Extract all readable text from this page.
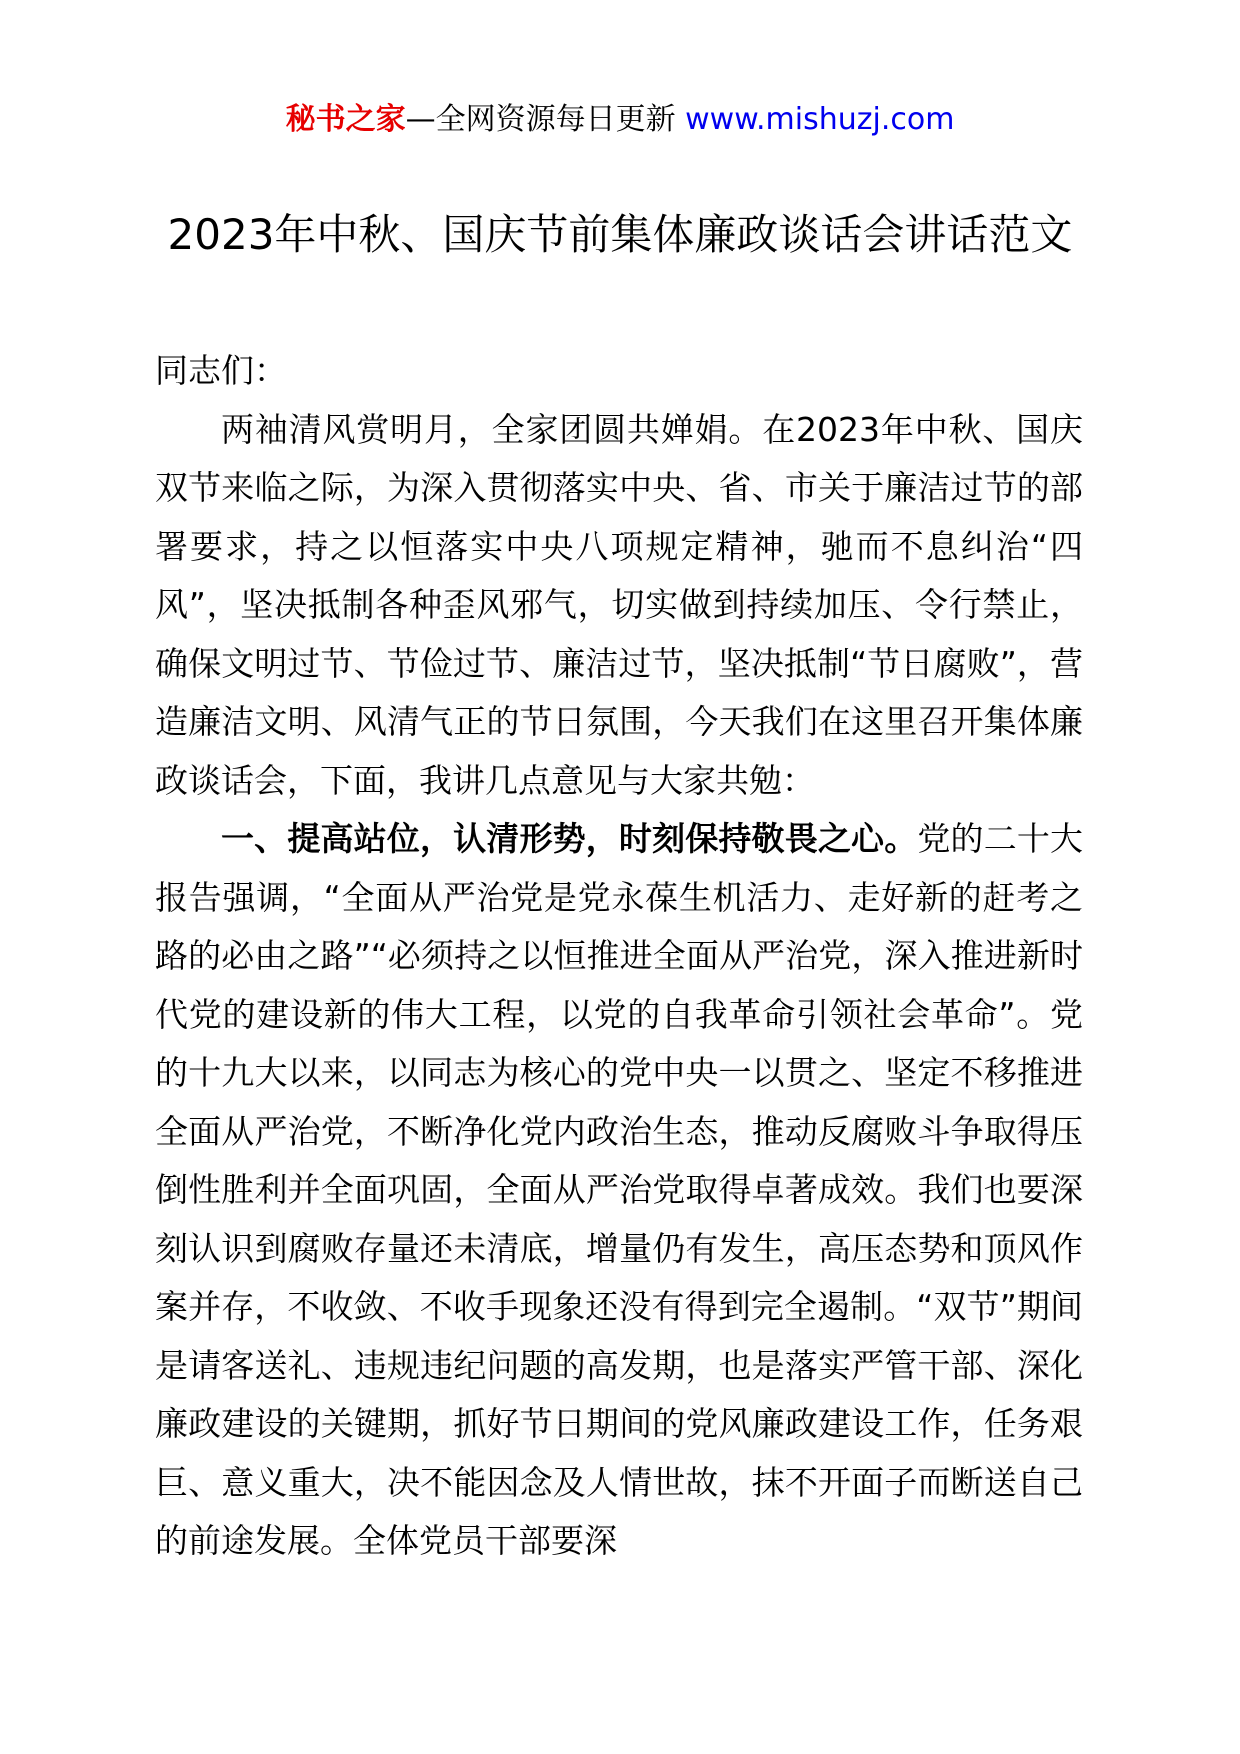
秘书之家—全网资源每日更新 www.mishuzj.com
2023年中秋、国庆节前集体廉政谈话会讲话范文

同志们：

两袖清风赏明月，全家团圆共婵娟。在2023年中秋、国庆双节来临之际，为深入贯彻落实中央、省、市关于廉洁过节的部署要求，持之以恒落实中央八项规定精神，驰而不息纠治“四风”，坚决抵制各种歪风邪气，切实做到持续加压、令行禁止，确保文明过节、节俭过节、廉洁过节，坚决抵制“节日腐败”，营造廉洁文明、风清气正的节日氛围，今天我们在这里召开集体廉政谈话会，下面，我讲几点意见与大家共勉：

一、提高站位，认清形势，时刻保持敬畏之心。党的二十大报告强调，“全面从严治党是党永葆生机活力、走好新的赶考之路的必由之路”“必须持之以恒推进全面从严治党，深入推进新时代党的建设新的伟大工程，以党的自我革命引领社会革命”。党的十九大以来，以同志为核心的党中央一以贯之、坚定不移推进全面从严治党，不断净化党内政治生态，推动反腐败斗争取得压倒性胜利并全面巩固，全面从严治党取得卓著成效。我们也要深刻认识到腐败存量还未清底，增量仍有发生，高压态势和顶风作案并存，不收敛、不收手现象还没有得到完全遏制。“双节”期间是请客送礼、违规违纪问题的高发期，也是落实严管干部、深化廉政建设的关键期，抓好节日期间的党风廉政建设工作，任务艰巨、意义重大，决不能因念及人情世故，抹不开面子而断送自己的前途发展。全体党员干部要深
